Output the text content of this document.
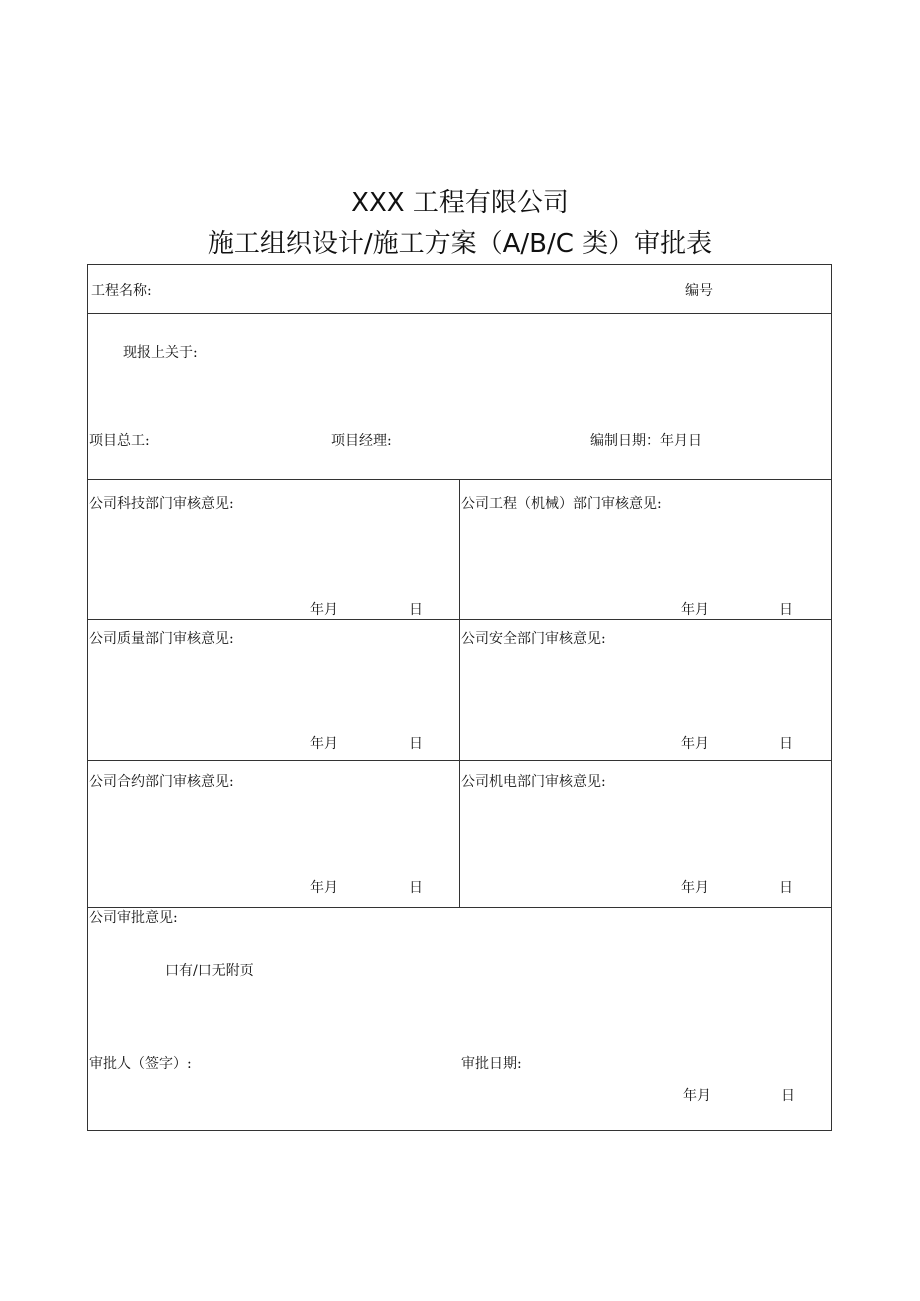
XXX 工程有限公司
施工组织设计/施工方案（A/B/C 类）审批表
工程名称:	编号
现报上关于:
项目总工:	项目经理:	编制日期：年月日
公司科技部门审核意见:
年月	日
公司工程（机械）部门审核意见:
年月	日
公司质量部门审核意见:
年月	日
公司安全部门审核意见:
年月	日
公司合约部门审核意见:
年月	日
公司机电部门审核意见:
年月	日
公司审批意见:
口有/口无附页
审批人（签字）:	审批日期:
年月	日
